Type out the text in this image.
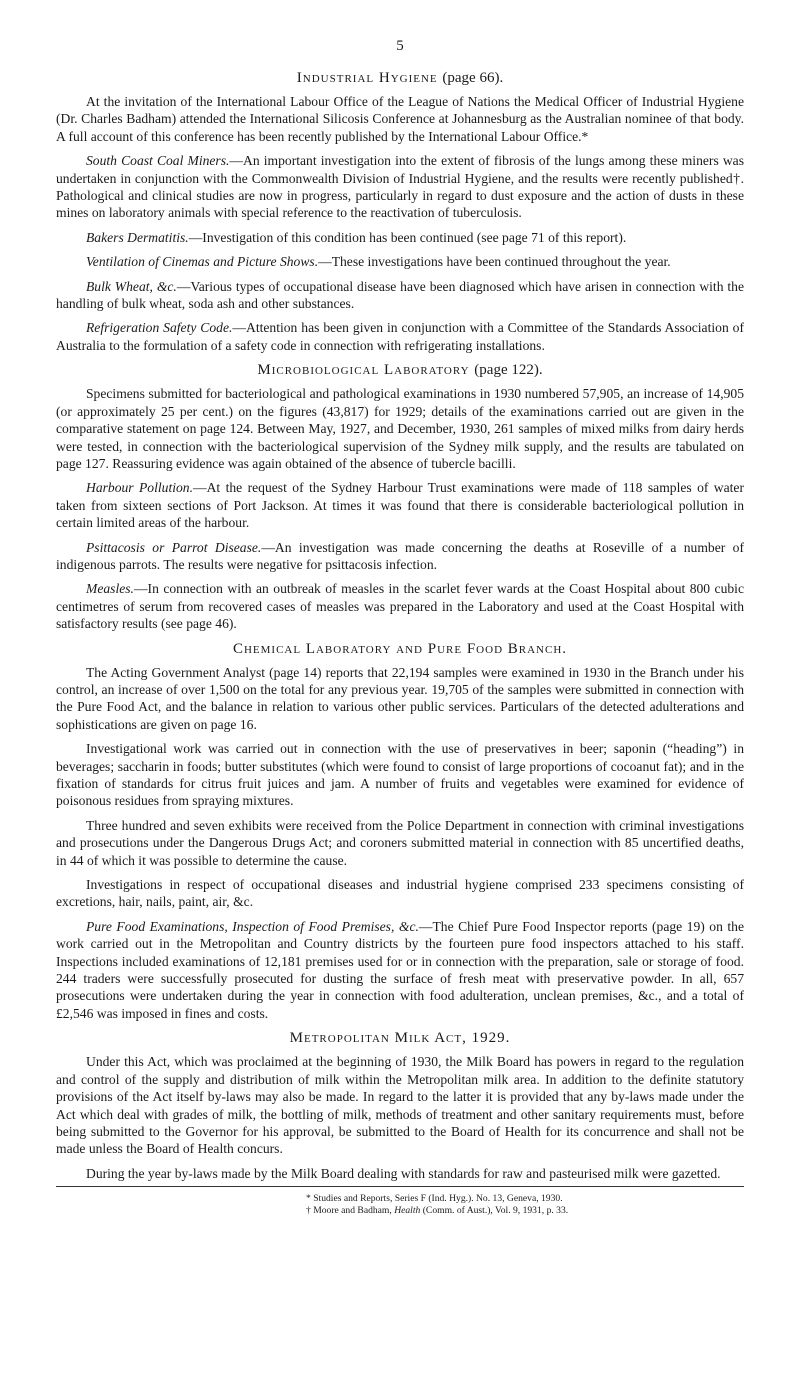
5
Industrial Hygiene (page 66).

At the invitation of the International Labour Office of the League of Nations the Medical Officer of Industrial Hygiene (Dr. Charles Badham) attended the International Silicosis Conference at Johannesburg as the Australian nominee of that body. A full account of this conference has been recently published by the International Labour Office.*

South Coast Coal Miners.—An important investigation into the extent of fibrosis of the lungs among these miners was undertaken in conjunction with the Commonwealth Division of Industrial Hygiene, and the results were recently published†. Pathological and clinical studies are now in progress, particularly in regard to dust exposure and the action of dusts in these mines on laboratory animals with special reference to the reactivation of tuberculosis.

Bakers Dermatitis.—Investigation of this condition has been continued (see page 71 of this report).

Ventilation of Cinemas and Picture Shows.—These investigations have been continued throughout the year.

Bulk Wheat, &c.—Various types of occupational disease have been diagnosed which have arisen in connection with the handling of bulk wheat, soda ash and other substances.

Refrigeration Safety Code.—Attention has been given in conjunction with a Committee of the Standards Association of Australia to the formulation of a safety code in connection with refrigerating installations.

Microbiological Laboratory (page 122).

Specimens submitted for bacteriological and pathological examinations in 1930 numbered 57,905, an increase of 14,905 (or approximately 25 per cent.) on the figures (43,817) for 1929; details of the examinations carried out are given in the comparative statement on page 124. Between May, 1927, and December, 1930, 261 samples of mixed milks from dairy herds were tested, in connection with the bacteriological supervision of the Sydney milk supply, and the results are tabulated on page 127. Reassuring evidence was again obtained of the absence of tubercle bacilli.

Harbour Pollution.—At the request of the Sydney Harbour Trust examinations were made of 118 samples of water taken from sixteen sections of Port Jackson. At times it was found that there is considerable bacteriological pollution in certain limited areas of the harbour.

Psittacosis or Parrot Disease.—An investigation was made concerning the deaths at Roseville of a number of indigenous parrots. The results were negative for psittacosis infection.

Measles.—In connection with an outbreak of measles in the scarlet fever wards at the Coast Hospital about 800 cubic centimetres of serum from recovered cases of measles was prepared in the Laboratory and used at the Coast Hospital with satisfactory results (see page 46).

Chemical Laboratory and Pure Food Branch.

The Acting Government Analyst (page 14) reports that 22,194 samples were examined in 1930 in the Branch under his control, an increase of over 1,500 on the total for any previous year. 19,705 of the samples were submitted in connection with the Pure Food Act, and the balance in relation to various other public services. Particulars of the detected adulterations and sophistications are given on page 16.

Investigational work was carried out in connection with the use of preservatives in beer; saponin (“heading”) in beverages; saccharin in foods; butter substitutes (which were found to consist of large proportions of cocoanut fat); and in the fixation of standards for citrus fruit juices and jam. A number of fruits and vegetables were examined for evidence of poisonous residues from spraying mixtures.

Three hundred and seven exhibits were received from the Police Department in connection with criminal investigations and prosecutions under the Dangerous Drugs Act; and coroners submitted material in connection with 85 uncertified deaths, in 44 of which it was possible to determine the cause.

Investigations in respect of occupational diseases and industrial hygiene comprised 233 specimens consisting of excretions, hair, nails, paint, air, &c.

Pure Food Examinations, Inspection of Food Premises, &c.—The Chief Pure Food Inspector reports (page 19) on the work carried out in the Metropolitan and Country districts by the fourteen pure food inspectors attached to his staff. Inspections included examinations of 12,181 premises used for or in connection with the preparation, sale or storage of food. 244 traders were successfully prosecuted for dusting the surface of fresh meat with preservative powder. In all, 657 prosecutions were undertaken during the year in connection with food adulteration, unclean premises, &c., and a total of £2,546 was imposed in fines and costs.

Metropolitan Milk Act, 1929.

Under this Act, which was proclaimed at the beginning of 1930, the Milk Board has powers in regard to the regulation and control of the supply and distribution of milk within the Metropolitan milk area. In addition to the definite statutory provisions of the Act itself by-laws may also be made. In regard to the latter it is provided that any by-laws made under the Act which deal with grades of milk, the bottling of milk, methods of treatment and other sanitary requirements must, before being submitted to the Governor for his approval, be submitted to the Board of Health for its concurrence and shall not be made unless the Board of Health concurs.

During the year by-laws made by the Milk Board dealing with standards for raw and pasteurised milk were gazetted.

* Studies and Reports, Series F (Ind. Hyg.). No. 13, Geneva, 1930.
† Moore and Badham, Health (Comm. of Aust.), Vol. 9, 1931, p. 33.
